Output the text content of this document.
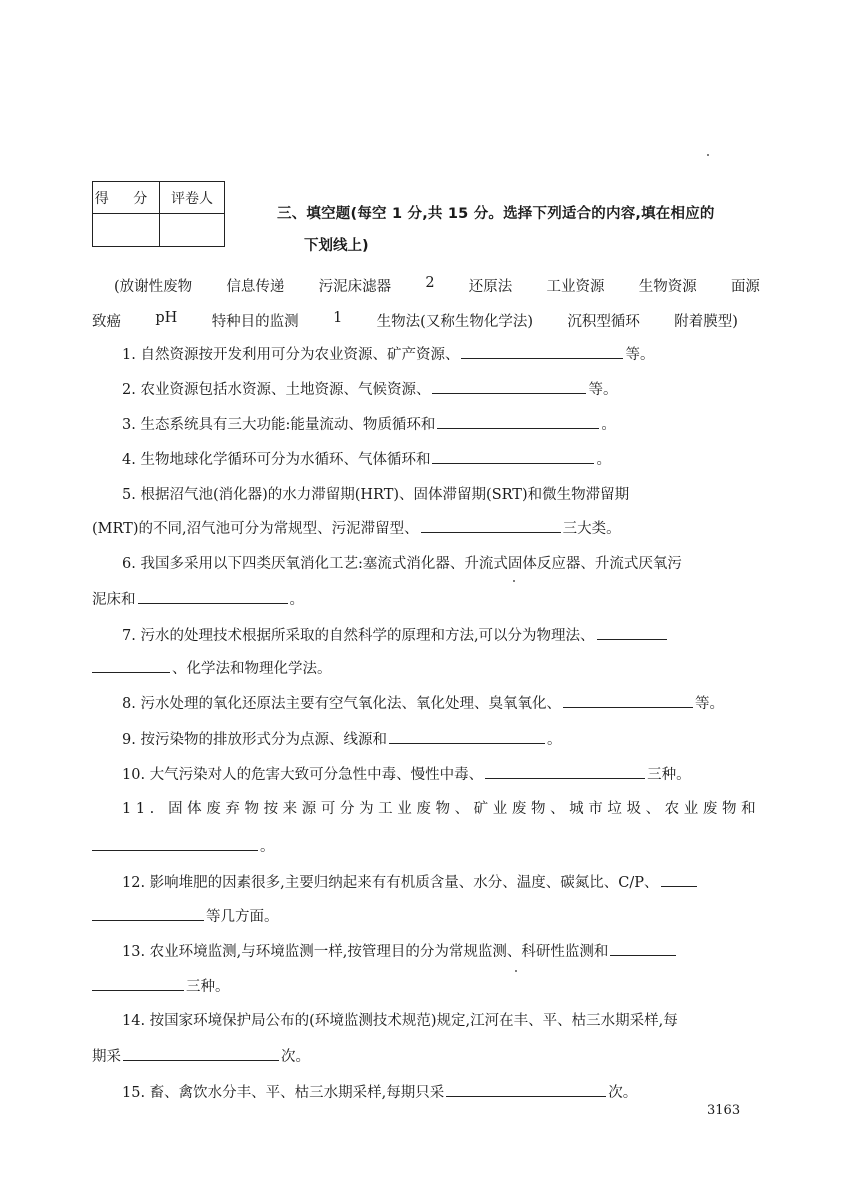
得 分	评卷人

三、填空题(每空 1 分,共 15 分。选择下列适合的内容,填在相应的
下划线上)
(放谢性废物 信息传递 污泥床滤器 2 还原法 工业资源 生物资源 面源
致癌 pH 特种目的监测 1 生物法(又称生物化学法) 沉积型循环 附着膜型)
1. 自然资源按开发利用可分为农业资源、矿产资源、	等。
2. 农业资源包括水资源、土地资源、气候资源、	等。
3. 生态系统具有三大功能:能量流动、物质循环和	。
4. 生物地球化学循环可分为水循环、气体循环和	。
5. 根据沼气池(消化器)的水力滞留期(HRT)、固体滞留期(SRT)和微生物滞留期
(MRT)的不同,沼气池可分为常规型、污泥滞留型、	三大类。
6. 我国多采用以下四类厌氧消化工艺:塞流式消化器、升流式固体反应器、升流式厌氧污
泥床和	。
7. 污水的处理技术根据所采取的自然科学的原理和方法,可以分为物理法、
、化学法和物理化学法。
8. 污水处理的氧化还原法主要有空气氧化法、氧化处理、臭氧氧化、	等。
9. 按污染物的排放形式分为点源、线源和	。
10. 大气污染对人的危害大致可分急性中毒、慢性中毒、	三种。
11. 固体废弃物按来源可分为工业废物、矿业废物、城市垃圾、农业废物和
。
12. 影响堆肥的因素很多,主要归纳起来有有机质含量、水分、温度、碳氮比、C/P、
等几方面。
13. 农业环境监测,与环境监测一样,按管理目的分为常规监测、科研性监测和
三种。
14. 按国家环境保护局公布的(环境监测技术规范)规定,江河在丰、平、枯三水期采样,每
期采	次。
15. 畜、禽饮水分丰、平、枯三水期采样,每期只采	次。
3163
